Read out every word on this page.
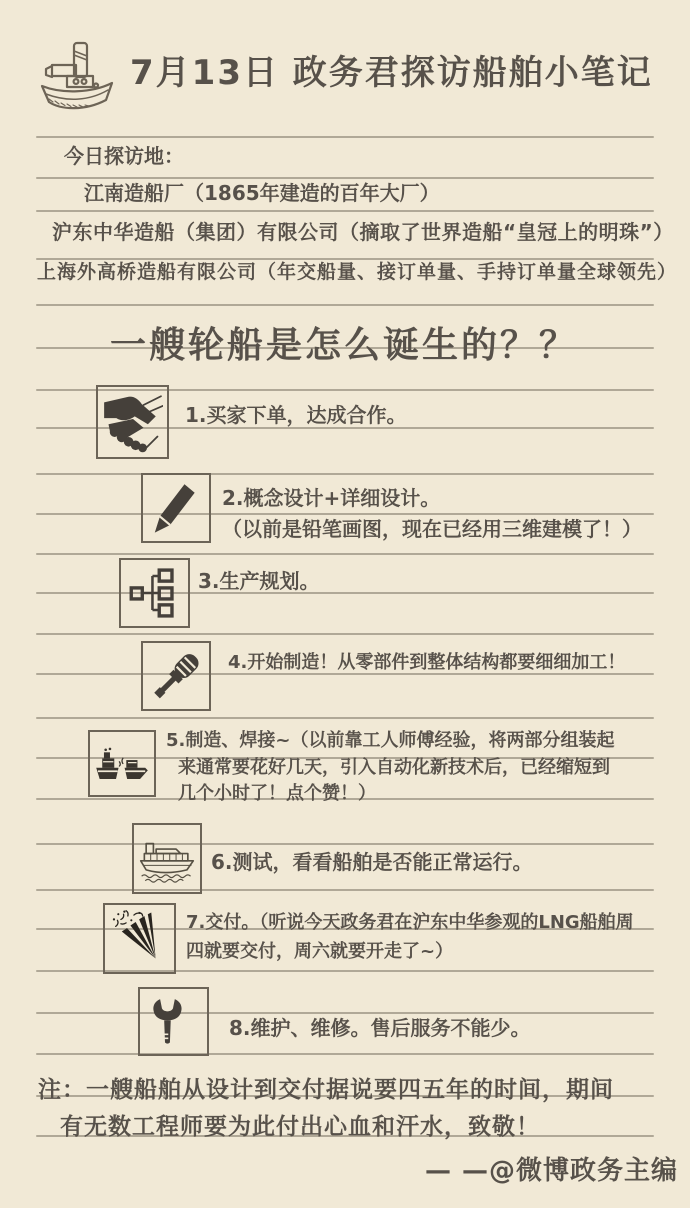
7月13日 政务君探访船舶小笔记
今日探访地：
江南造船厂（1865年建造的百年大厂）
沪东中华造船（集团）有限公司（摘取了世界造船“皇冠上的明珠”）
上海外高桥造船有限公司（年交船量、接订单量、手持订单量全球领先）
一艘轮船是怎么诞生的？？
1.买家下单，达成合作。
2.概念设计+详细设计。
（以前是铅笔画图，现在已经用三维建模了！）
3.生产规划。
4.开始制造！从零部件到整体结构都要细细加工！
5.制造、焊接~（以前靠工人师傅经验，将两部分组装起
来通常要花好几天，引入自动化新技术后，已经缩短到
几个小时了！点个赞！）
6.测试，看看船舶是否能正常运行。
7.交付。（听说今天政务君在沪东中华参观的LNG船舶周
四就要交付，周六就要开走了~）
8.维护、维修。售后服务不能少。
注：一艘船舶从设计到交付据说要四五年的时间，期间
有无数工程师要为此付出心血和汗水，致敬！
— —@微博政务主编
